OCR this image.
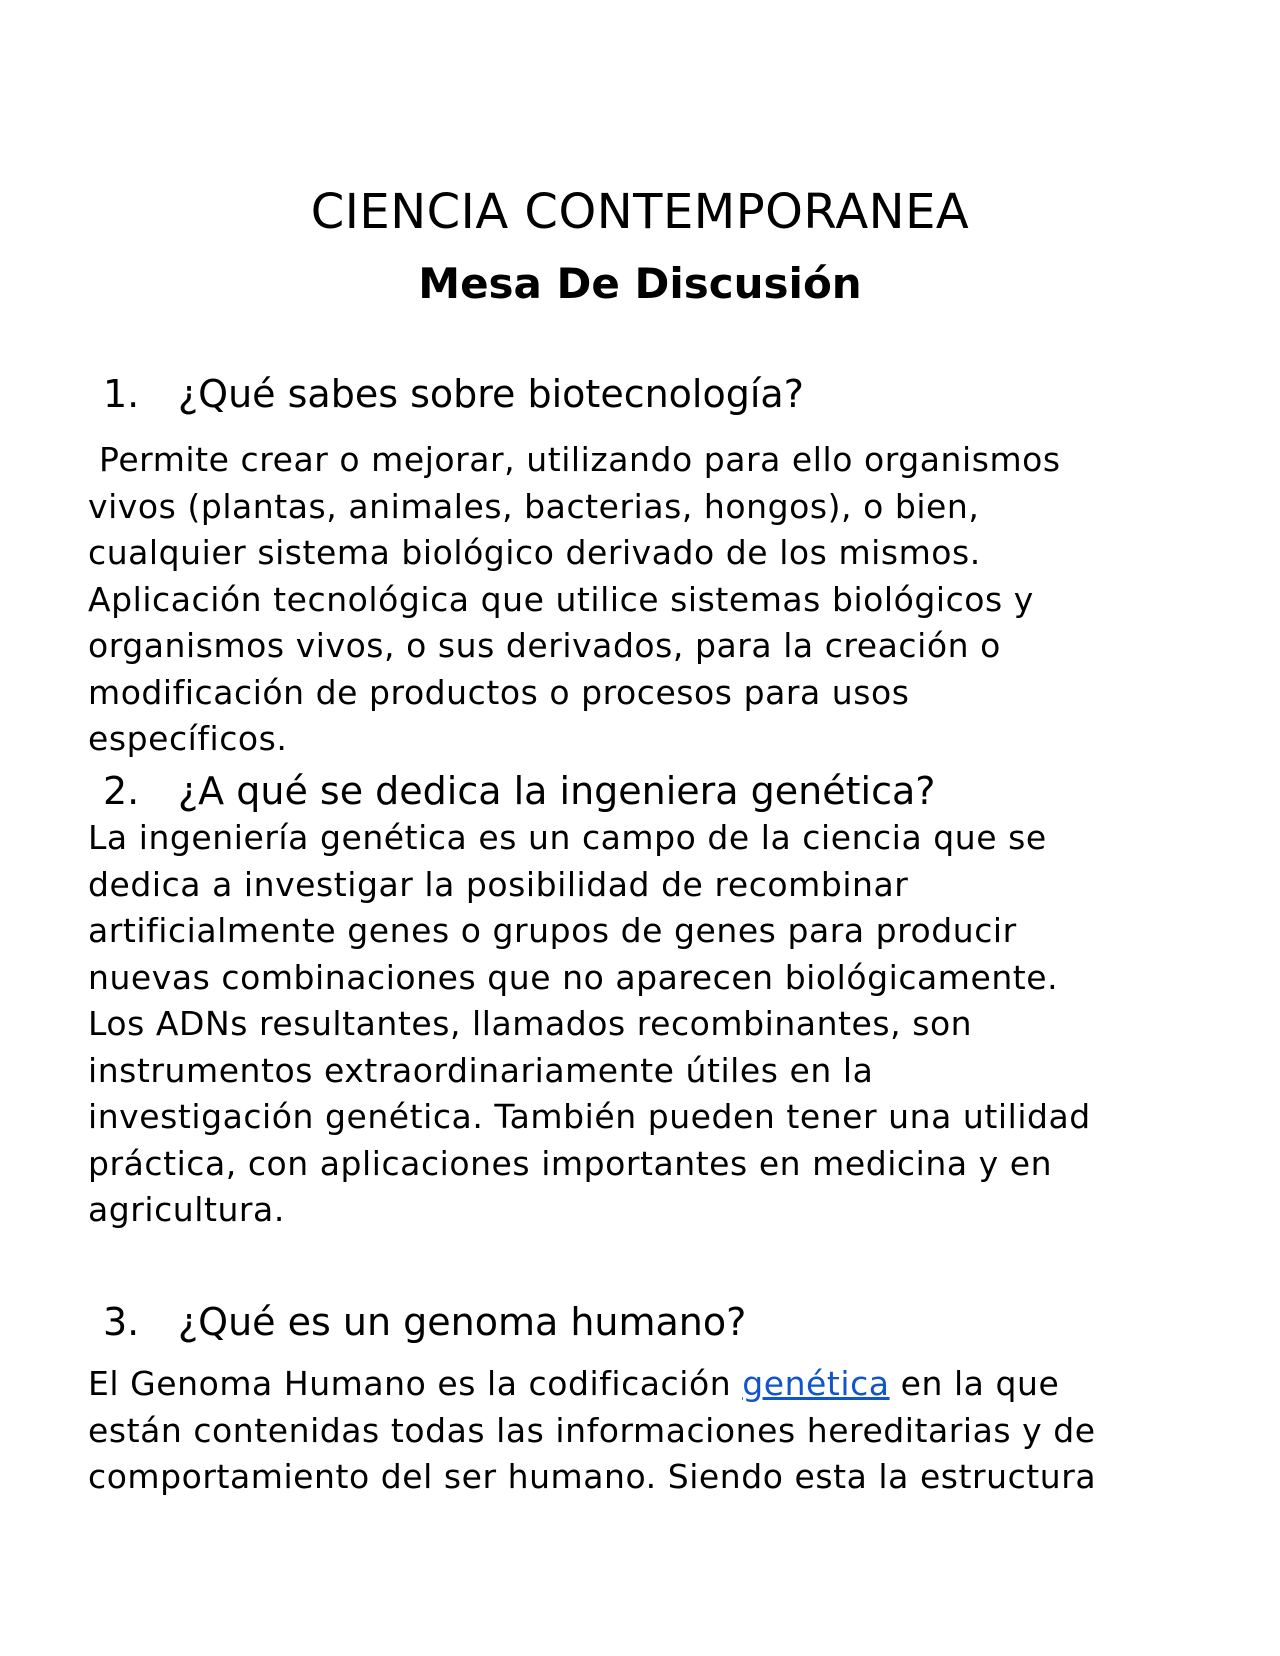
CIENCIA CONTEMPORANEA
Mesa De Discusión

1. ¿Qué sabes sobre biotecnología?

Permite crear o mejorar, utilizando para ello organismos
vivos (plantas, animales, bacterias, hongos), o bien,
cualquier sistema biológico derivado de los mismos.
Aplicación tecnológica que utilice sistemas biológicos y
organismos vivos, o sus derivados, para la creación o
modificación de productos o procesos para usos
específicos.

2. ¿A qué se dedica la ingeniera genética?

La ingeniería genética es un campo de la ciencia que se
dedica a investigar la posibilidad de recombinar
artificialmente genes o grupos de genes para producir
nuevas combinaciones que no aparecen biológicamente.
Los ADNs resultantes, llamados recombinantes, son
instrumentos extraordinariamente útiles en la
investigación genética. También pueden tener una utilidad
práctica, con aplicaciones importantes en medicina y en
agricultura.

3. ¿Qué es un genoma humano?

El Genoma Humano es la codificación genética en la que
están contenidas todas las informaciones hereditarias y de
comportamiento del ser humano. Siendo esta la estructura
